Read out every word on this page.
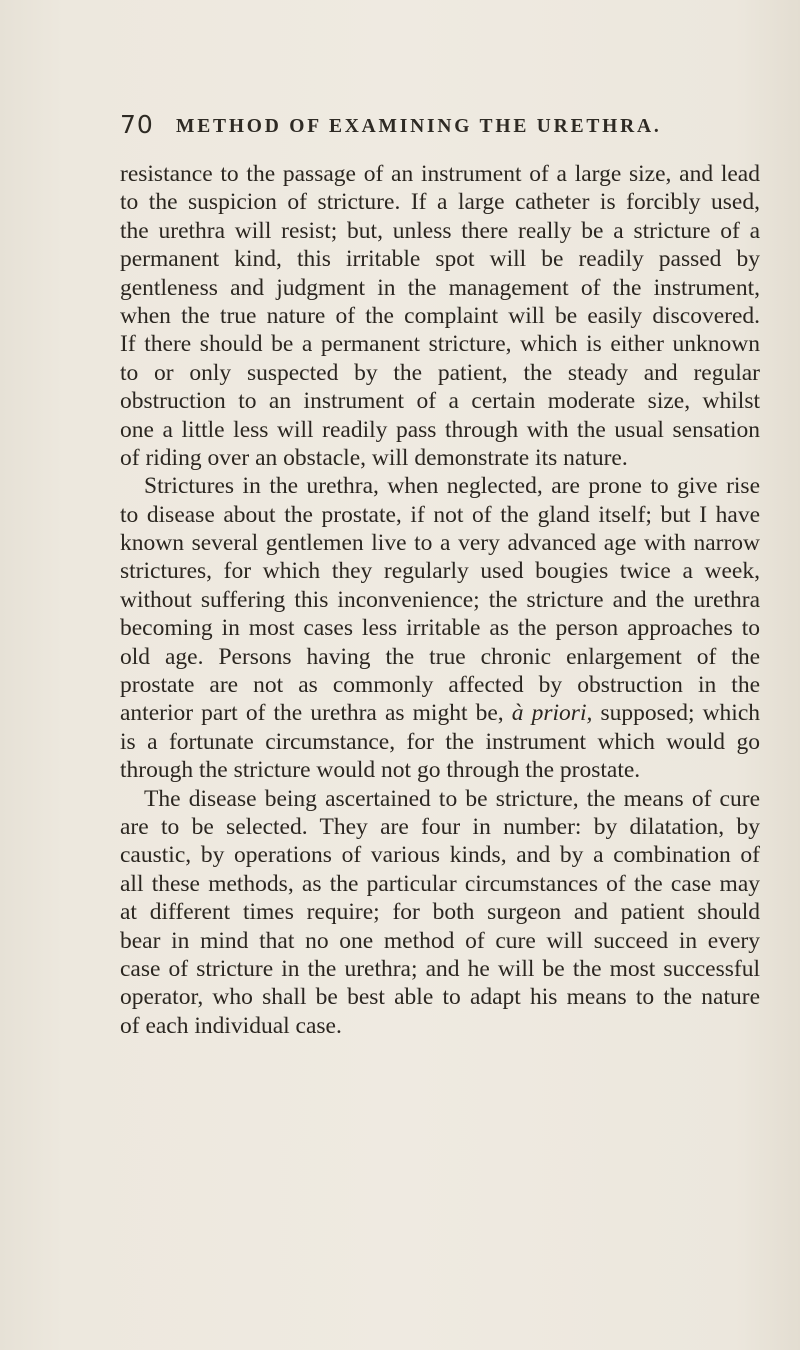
70 METHOD OF EXAMINING THE URETHRA.
resistance to the passage of an instrument of a large size, and lead
to the suspicion of stricture. If a large catheter is forcibly used,
the urethra will resist; but, unless there really be a stricture of a
permanent kind, this irritable spot will be readily passed by
gentleness and judgment in the management of the instrument,
when the true nature of the complaint will be easily discovered.
If there should be a permanent stricture, which is either unknown
to or only suspected by the patient, the steady and regular
obstruction to an instrument of a certain moderate size, whilst
one a little less will readily pass through with the usual sensation
of riding over an obstacle, will demonstrate its nature.
Strictures in the urethra, when neglected, are prone to give rise
to disease about the prostate, if not of the gland itself; but I have
known several gentlemen live to a very advanced age with narrow
strictures, for which they regularly used bougies twice a week,
without suffering this inconvenience; the stricture and the urethra
becoming in most cases less irritable as the person approaches to
old age. Persons having the true chronic enlargement of the
prostate are not as commonly affected by obstruction in the
anterior part of the urethra as might be, à priori, supposed; which
is a fortunate circumstance, for the instrument which would go
through the stricture would not go through the prostate.
The disease being ascertained to be stricture, the means of cure
are to be selected. They are four in number: by dilatation, by
caustic, by operations of various kinds, and by a combination of
all these methods, as the particular circumstances of the case may
at different times require; for both surgeon and patient should
bear in mind that no one method of cure will succeed in every
case of stricture in the urethra; and he will be the most successful
operator, who shall be best able to adapt his means to the nature
of each individual case.
